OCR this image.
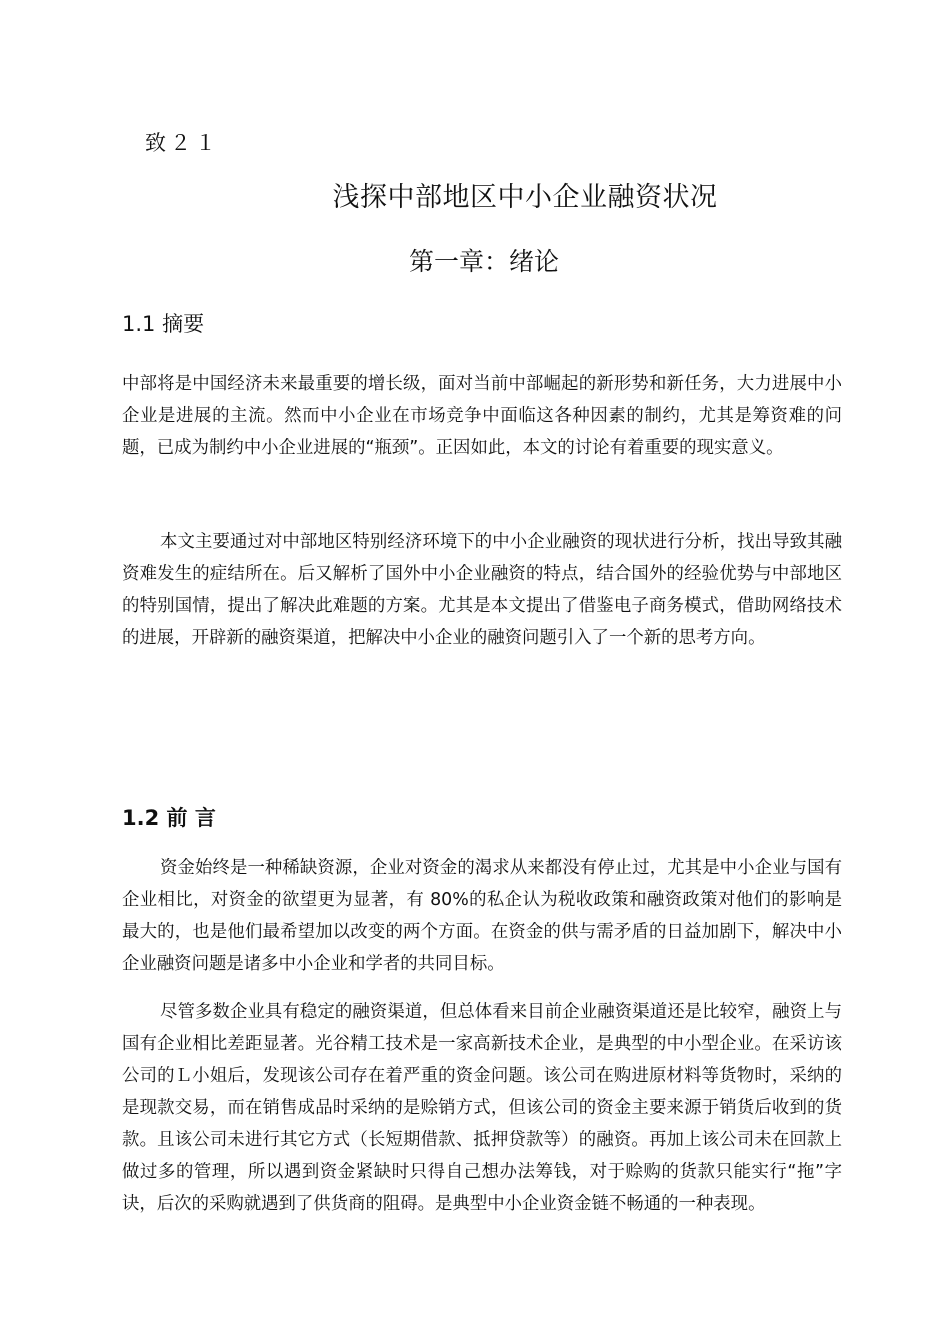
致２１
浅探中部地区中小企业融资状况
第一章：绪论
1.1 摘要
中部将是中国经济未来最重要的增长级，面对当前中部崛起的新形势和新任务，大力进展中小企业是进展的主流。然而中小企业在市场竞争中面临这各种因素的制约，尤其是筹资难的问题，已成为制约中小企业进展的“瓶颈”。正因如此，本文的讨论有着重要的现实意义。
本文主要通过对中部地区特别经济环境下的中小企业融资的现状进行分析，找出导致其融资难发生的症结所在。后又解析了国外中小企业融资的特点，结合国外的经验优势与中部地区的特别国情，提出了解决此难题的方案。尤其是本文提出了借鉴电子商务模式，借助网络技术的进展，开辟新的融资渠道，把解决中小企业的融资问题引入了一个新的思考方向。
1.2 前 言
资金始终是一种稀缺资源，企业对资金的渴求从来都没有停止过，尤其是中小企业与国有企业相比，对资金的欲望更为显著，有 80%的私企认为税收政策和融资政策对他们的影响是最大的，也是他们最希望加以改变的两个方面。在资金的供与需矛盾的日益加剧下，解决中小企业融资问题是诸多中小企业和学者的共同目标。
尽管多数企业具有稳定的融资渠道，但总体看来目前企业融资渠道还是比较窄，融资上与国有企业相比差距显著。光谷精工技术是一家高新技术企业，是典型的中小型企业。在采访该公司的Ｌ小姐后，发现该公司存在着严重的资金问题。该公司在购进原材料等货物时，采纳的是现款交易，而在销售成品时采纳的是赊销方式，但该公司的资金主要来源于销货后收到的货款。且该公司未进行其它方式（长短期借款、抵押贷款等）的融资。再加上该公司未在回款上做过多的管理，所以遇到资金紧缺时只得自己想办法筹钱，对于赊购的货款只能实行“拖”字诀，后次的采购就遇到了供货商的阻碍。是典型中小企业资金链不畅通的一种表现。
